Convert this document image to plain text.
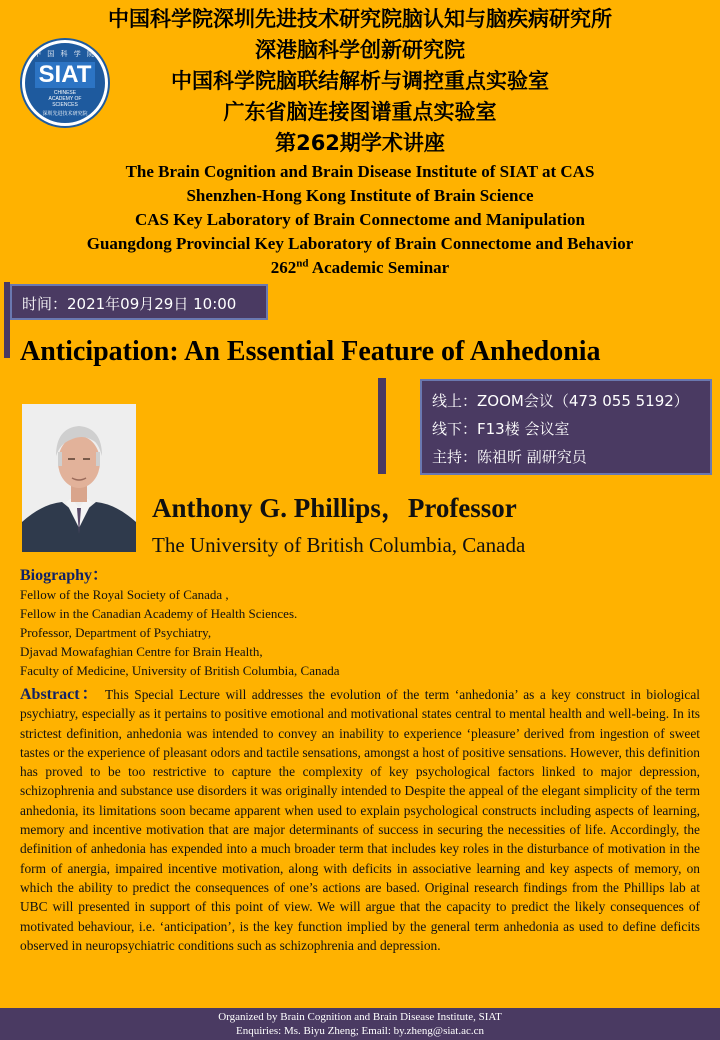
中 国 科 学 院
SIAT
CHINESE ACADEMY OF SCIENCES
深圳先进技术研究院
中国科学院深圳先进技术研究院脑认知与脑疾病研究所
深港脑科学创新研究院
中国科学院脑联结解析与调控重点实验室
广东省脑连接图谱重点实验室
第262期学术讲座
The Brain Cognition and Brain Disease Institute of SIAT at CAS
Shenzhen-Hong Kong Institute of Brain Science
CAS Key Laboratory of Brain Connectome and Manipulation
Guangdong Provincial Key Laboratory of Brain Connectome and Behavior
262nd Academic Seminar
时间：2021年09月29日 10:00
Anticipation: An Essential Feature of Anhedonia
线上：ZOOM会议（473 055 5192）
线下：F13楼 会议室
主持：陈祖昕 副研究员
Anthony G. Phillips，Professor
The University of British Columbia, Canada
Biography：
Fellow of the Royal Society of Canada ,
Fellow in the Canadian Academy of Health Sciences.
Professor, Department of Psychiatry,
Djavad Mowafaghian Centre for Brain Health,
Faculty of Medicine, University of British Columbia, Canada
Abstract： This Special Lecture will addresses the evolution of the term ‘anhedonia’ as a key construct in biological psychiatry, especially as it pertains to positive emotional and motivational states central to mental health and well-being. In its strictest definition, anhedonia was intended to convey an inability to experience ‘pleasure’ derived from ingestion of sweet tastes or the experience of pleasant odors and tactile sensations, amongst a host of positive sensations. However, this definition has proved to be too restrictive to capture the complexity of key psychological factors linked to major depression, schizophrenia and substance use disorders it was originally intended to Despite the appeal of the elegant simplicity of the term anhedonia, its limitations soon became apparent when used to explain psychological constructs including aspects of learning, memory and incentive motivation that are major determinants of success in securing the necessities of life. Accordingly, the definition of anhedonia has expended into a much broader term that includes key roles in the disturbance of motivation in the form of anergia, impaired incentive motivation, along with deficits in associative learning and key aspects of memory, on which the ability to predict the consequences of one’s actions are based. Original research findings from the Phillips lab at UBC will presented in support of this point of view. We will argue that the capacity to predict the likely consequences of motivated behaviour, i.e. ‘anticipation’, is the key function implied by the general term anhedonia as used to define deficits observed in neuropsychiatric conditions such as schizophrenia and depression.
Organized by Brain Cognition and Brain Disease Institute, SIAT
Enquiries: Ms. Biyu Zheng; Email: by.zheng@siat.ac.cn
